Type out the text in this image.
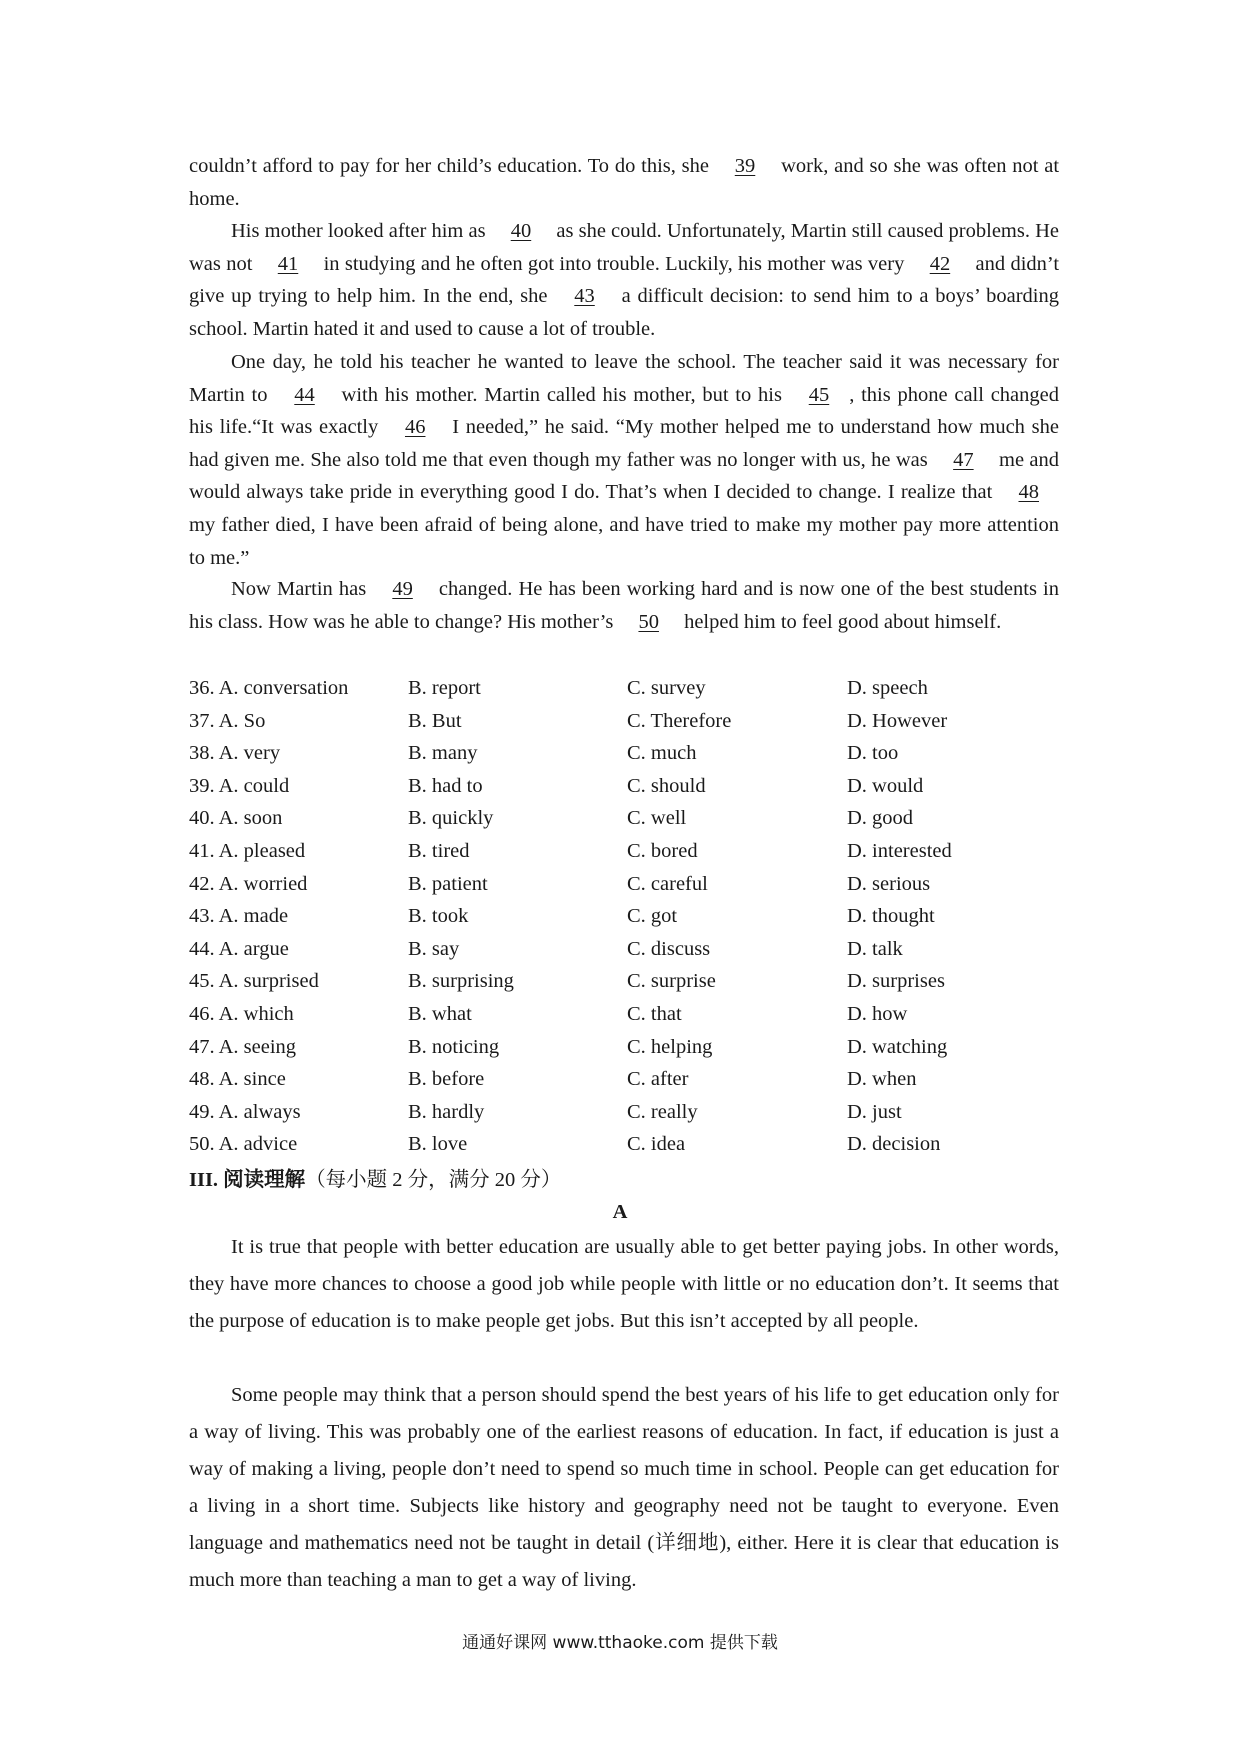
couldn’t afford to pay for her child’s education. To do this, she 39 work, and so she was often not at home.

His mother looked after him as 40 as she could. Unfortunately, Martin still caused problems. He was not 41 in studying and he often got into trouble. Luckily, his mother was very 42 and didn’t give up trying to help him. In the end, she 43 a difficult decision: to send him to a boys’ boarding school. Martin hated it and used to cause a lot of trouble.

One day, he told his teacher he wanted to leave the school. The teacher said it was necessary for Martin to 44 with his mother. Martin called his mother, but to his 45 , this phone call changed his life.“It was exactly 46 I needed,” he said. “My mother helped me to understand how much she had given me. She also told me that even though my father was no longer with us, he was 47 me and would always take pride in everything good I do. That’s when I decided to change. I realize that 48 my father died, I have been afraid of being alone, and have tried to make my mother pay more attention to me.”

Now Martin has 49 changed. He has been working hard and is now one of the best students in his class. How was he able to change? His mother’s 50 helped him to feel good about himself.

36. A. conversation	B. report	C. survey	D. speech
37. A. So	B. But	C. Therefore	D. However
38. A. very	B. many	C. much	D. too
39. A. could	B. had to	C. should	D. would
40. A. soon	B. quickly	C. well	D. good
41. A. pleased	B. tired	C. bored	D. interested
42. A. worried	B. patient	C. careful	D. serious
43. A. made	B. took	C. got	D. thought
44. A. argue	B. say	C. discuss	D. talk
45. A. surprised	B. surprising	C. surprise	D. surprises
46. A. which	B. what	C. that	D. how
47. A. seeing	B. noticing	C. helping	D. watching
48. A. since	B. before	C. after	D. when
49. A. always	B. hardly	C. really	D. just
50. A. advice	B. love	C. idea	D. decision
III. 阅读理解（每小题 2 分，满分 20 分）
A

It is true that people with better education are usually able to get better paying jobs. In other words, they have more chances to choose a good job while people with little or no education don’t. It seems that the purpose of education is to make people get jobs. But this isn’t accepted by all people.

Some people may think that a person should spend the best years of his life to get education only for a way of living. This was probably one of the earliest reasons of education. In fact, if education is just a way of making a living, people don’t need to spend so much time in school. People can get education for a living in a short time. Subjects like history and geography need not be taught to everyone. Even language and mathematics need not be taught in detail (详细地), either. Here it is clear that education is much more than teaching a man to get a way of living.

通通好课网 www.tthaoke.com 提供下载
